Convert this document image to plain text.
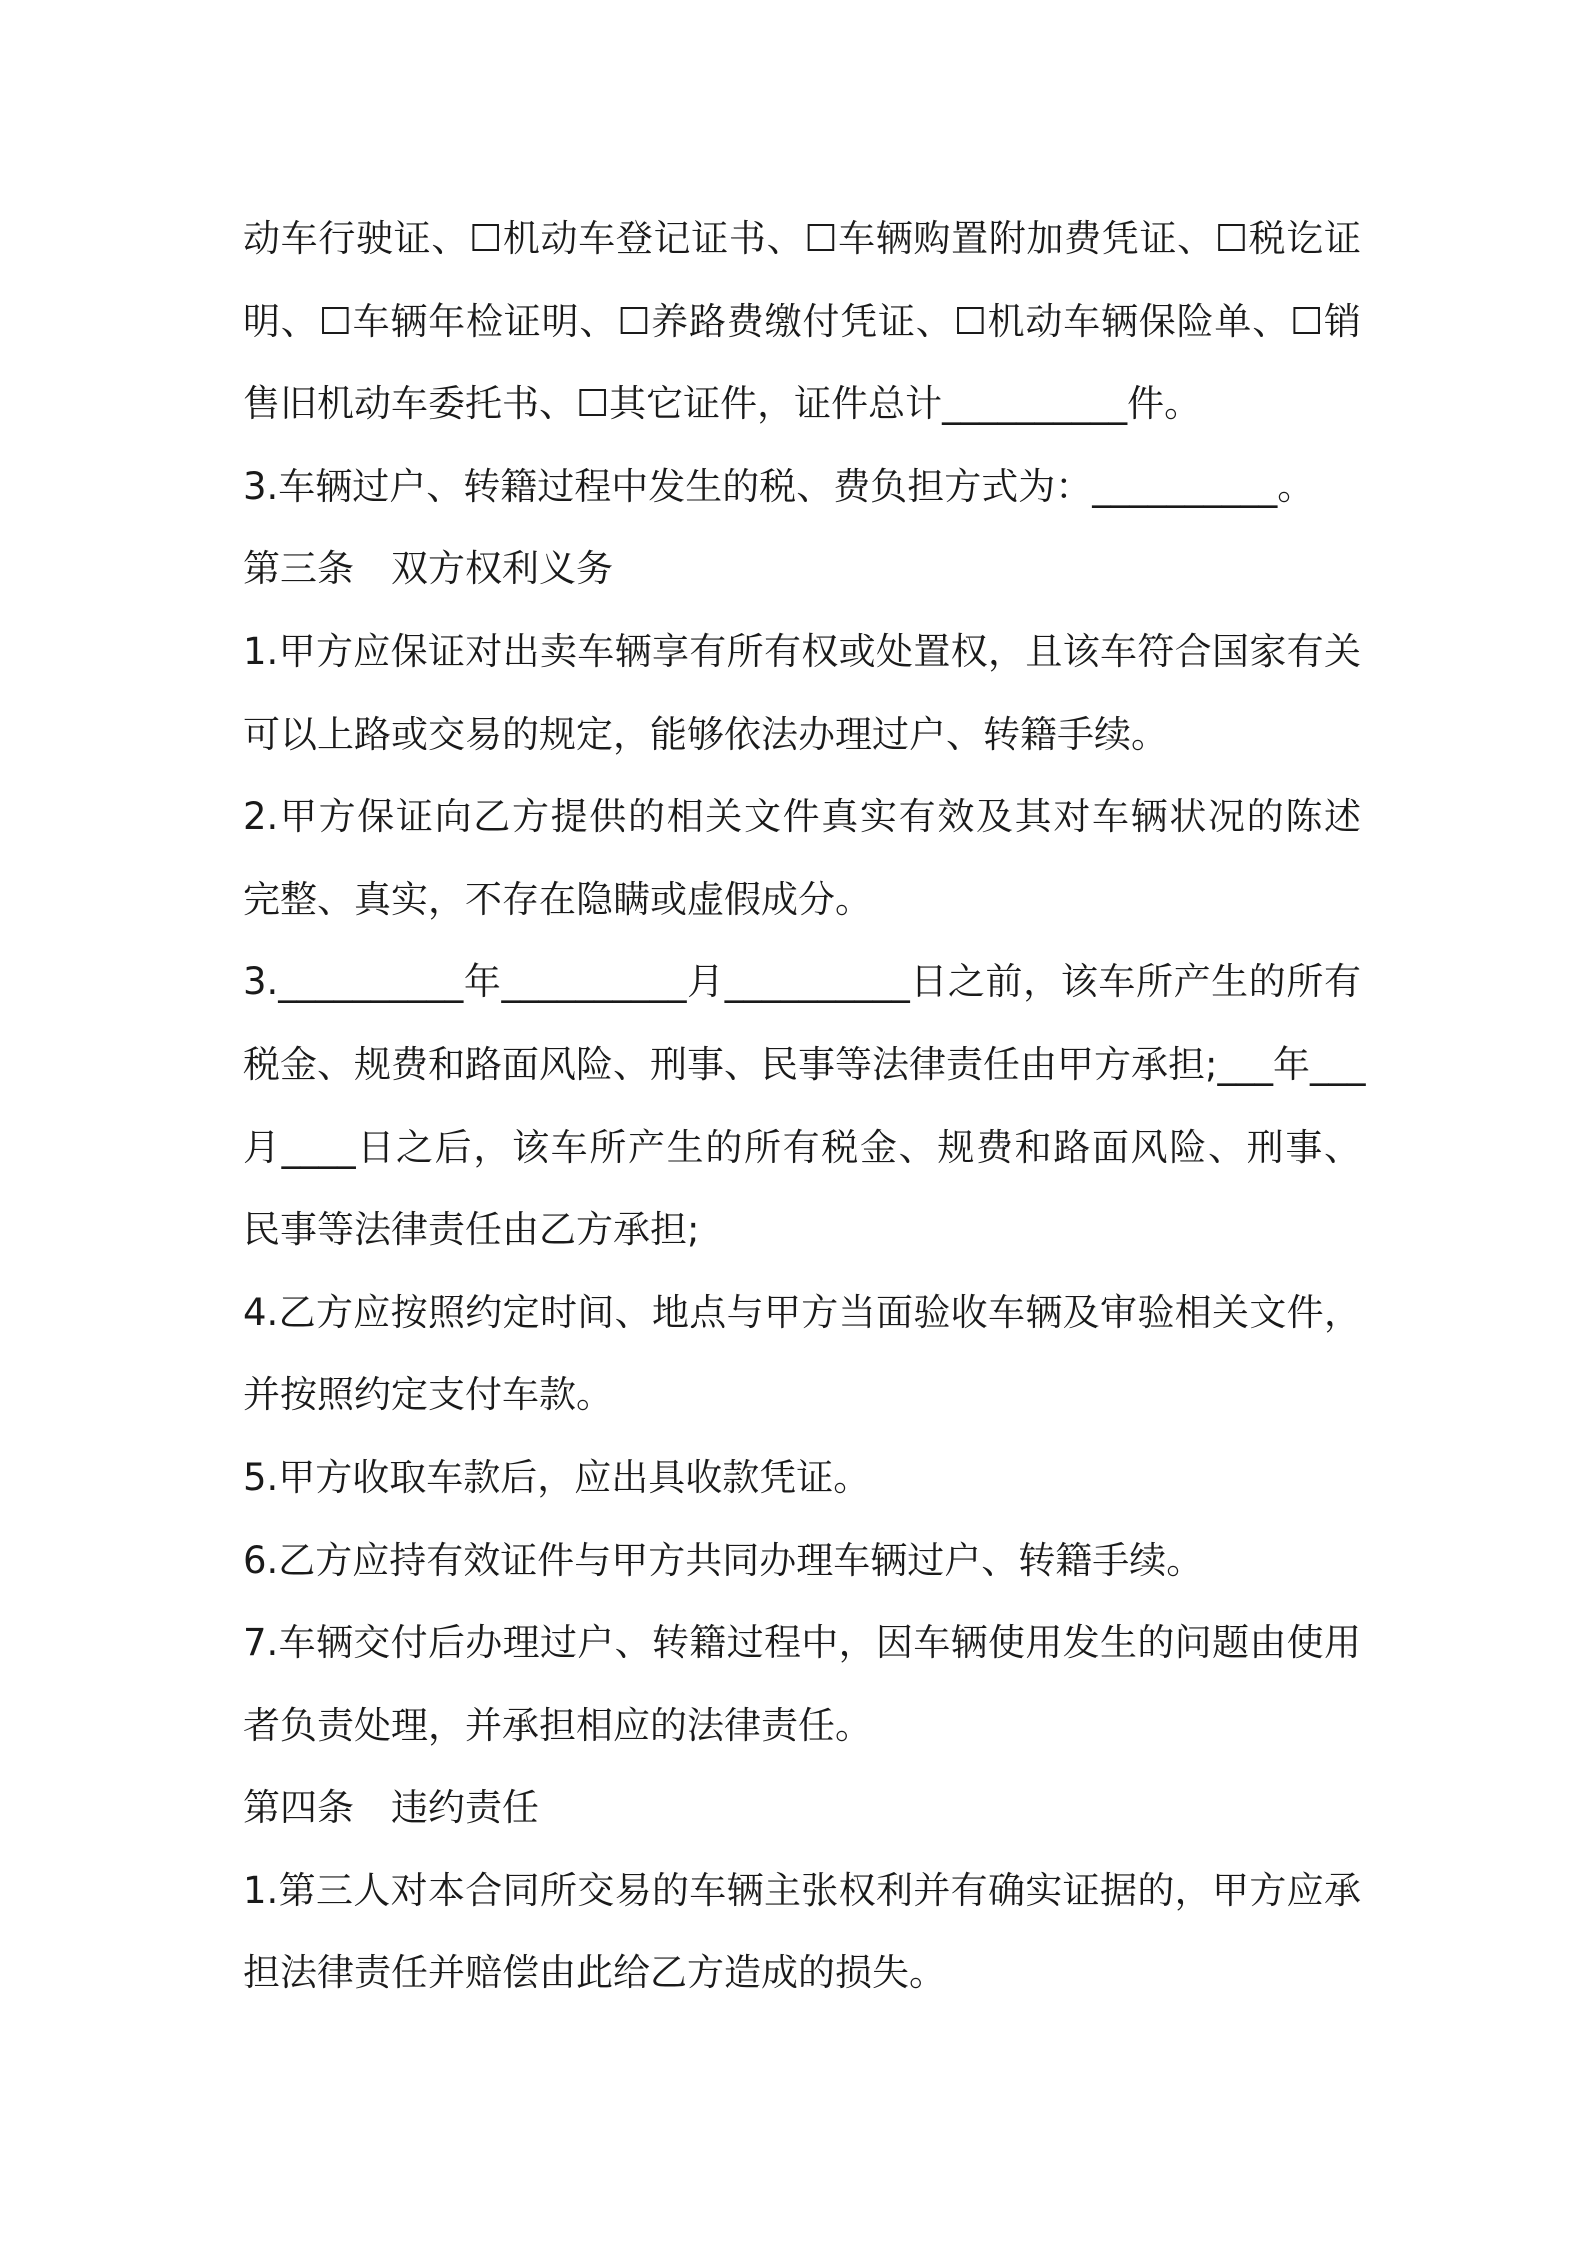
动车行驶证、☐机动车登记证书、☐车辆购置附加费凭证、☐税讫证
明、☐车辆年检证明、☐养路费缴付凭证、☐机动车辆保险单、☐销
售旧机动车委托书、☐其它证件，证件总计__________件。
3.车辆过户、转籍过程中发生的税、费负担方式为：__________。
第三条　双方权利义务
1.甲方应保证对出卖车辆享有所有权或处置权，且该车符合国家有关
可以上路或交易的规定，能够依法办理过户、转籍手续。
2.甲方保证向乙方提供的相关文件真实有效及其对车辆状况的陈述
完整、真实，不存在隐瞒或虚假成分。
3.__________年__________月__________日之前，该车所产生的所有
税金、规费和路面风险、刑事、民事等法律责任由甲方承担;___年___
月____日之后，该车所产生的所有税金、规费和路面风险、刑事、
民事等法律责任由乙方承担;
4.乙方应按照约定时间、地点与甲方当面验收车辆及审验相关文件，
并按照约定支付车款。
5.甲方收取车款后，应出具收款凭证。
6.乙方应持有效证件与甲方共同办理车辆过户、转籍手续。
7.车辆交付后办理过户、转籍过程中，因车辆使用发生的问题由使用
者负责处理，并承担相应的法律责任。
第四条　违约责任
1.第三人对本合同所交易的车辆主张权利并有确实证据的，甲方应承
担法律责任并赔偿由此给乙方造成的损失。
